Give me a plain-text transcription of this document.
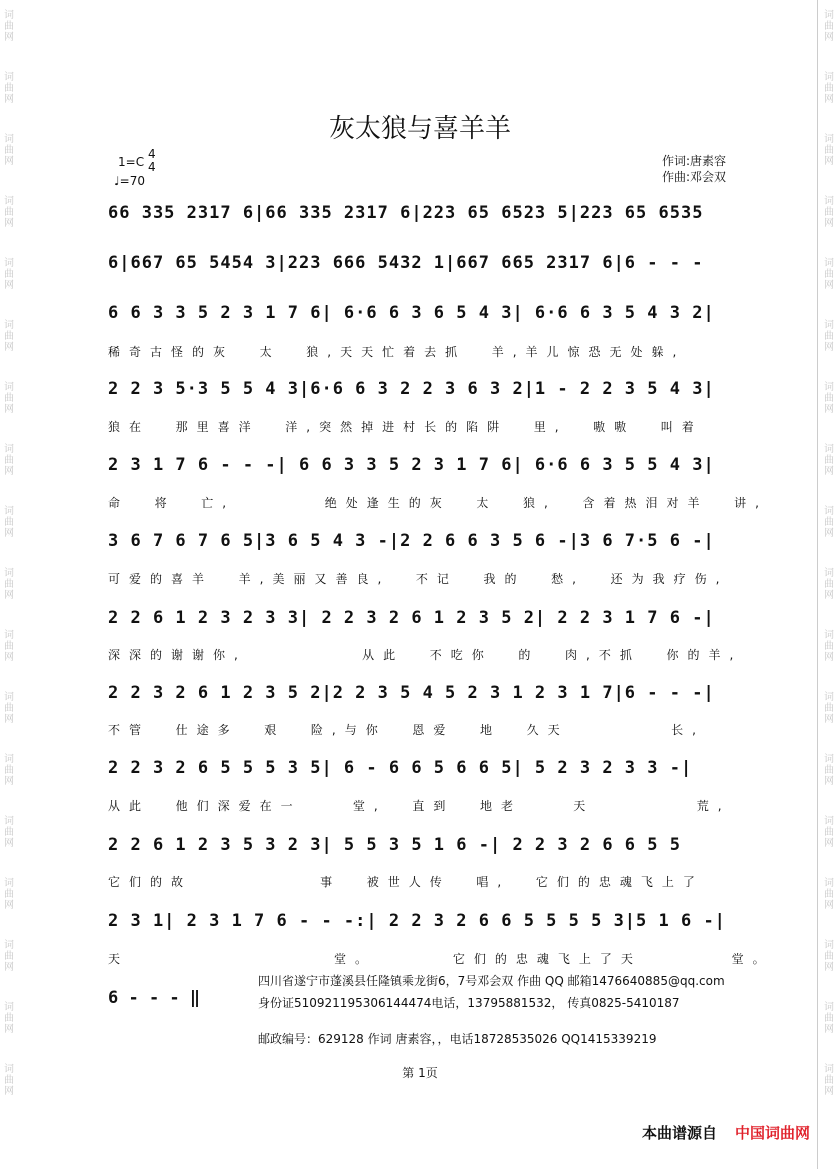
词
曲
网
词
曲
网
词
曲
网
词
曲
网
词
曲
网
词
曲
网
词
曲
网
词
曲
网
词
曲
网
词
曲
网
词
曲
网
词
曲
网
词
曲
网
词
曲
网
词
曲
网
词
曲
网
词
曲
网
词
曲
网
词
曲
网
词
曲
网
词
曲
网
词
曲
网
词
曲
网
词
曲
网
词
曲
网
词
曲
网
词
曲
网
词
曲
网
词
曲
网
词
曲
网
词
曲
网
词
曲
网
词
曲
网
词
曲
网
词
曲
网
词
曲
网
灰太狼与喜羊羊
1=C
4
4
♩=70
作词:唐素容
作曲:邓会双
66 335 2317 6|66 335 2317 6|223 65 6523 5|223 65 6535
6|667 65 5454 3|223 666 5432 1|667 665 2317 6|6 - - -
6 6 3 3 5 2 3 1 7 6| 6·6 6 3 6 5 4 3| 6·6 6 3 5 4 3 2|
2 2 3 5·3 5 5 4 3|6·6 6 3 2 2 3 6 3 2|1 - 2 2 3 5 4 3|
2 3 1 7 6 - - -| 6 6 3 3 5 2 3 1 7 6| 6·6 6 3 5 5 4 3|
3 6 7 6 7 6 5|3 6 5 4 3 -|2 2 6 6 3 5 6 -|3 6 7·5 6 -|
2 2 6 1 2 3 2 3 3| 2 2 3 2 6 1 2 3 5 2| 2 2 3 1 7 6 -|
2 2 3 2 6 1 2 3 5 2|2 2 3 5 4 5 2 3 1 2 3 1 7|6 - - -|
2 2 3 2 6 5 5 5 3 5| 6 - 6 6 5 6 6 5| 5 2 3 2 3 3 -|
2 2 6 1 2 3 5 3 2 3| 5 5 3 5 1 6 -| 2 2 3 2 6 6 5 5
2 3 1| 2 3 1 7 6 - - -:| 2 2 3 2 6 6 5 5 5 5 3|5 1 6 -|
稀奇古怪的灰  太  狼,天天忙着去抓  羊,羊儿惊恐无处躲,
狼在  那里喜洋  洋,突然掉进村长的陷阱  里,  嗷嗷  叫着
命  将  亡,       绝处逢生的灰  太  狼,  含着热泪对羊  讲,
可爱的喜羊  羊,美丽又善良,  不记  我的  愁,  还为我疗伤,
深深的谢谢你,         从此  不吃你  的  肉,不抓  你的羊,
不管  仕途多  艰  险,与你  恩爱  地  久天        长,
从此  他们深爱在一    堂,  直到  地老    天        荒,
它们的故          事  被世人传  唱,  它们的忠魂飞上了
天                堂。      它们的忠魂飞上了天       堂。
6 - - - ‖
四川省遂宁市蓬溪县任隆镇乘龙街6，7号邓会双 作曲 QQ 邮箱1476640885@qq.com
身份证510921195306144474电话，13795881532， 传真0825-5410187
邮政编号：629128 作词 唐素容，，电话18728535026 QQ1415339219
第 1页
本曲谱源自 中国词曲网
